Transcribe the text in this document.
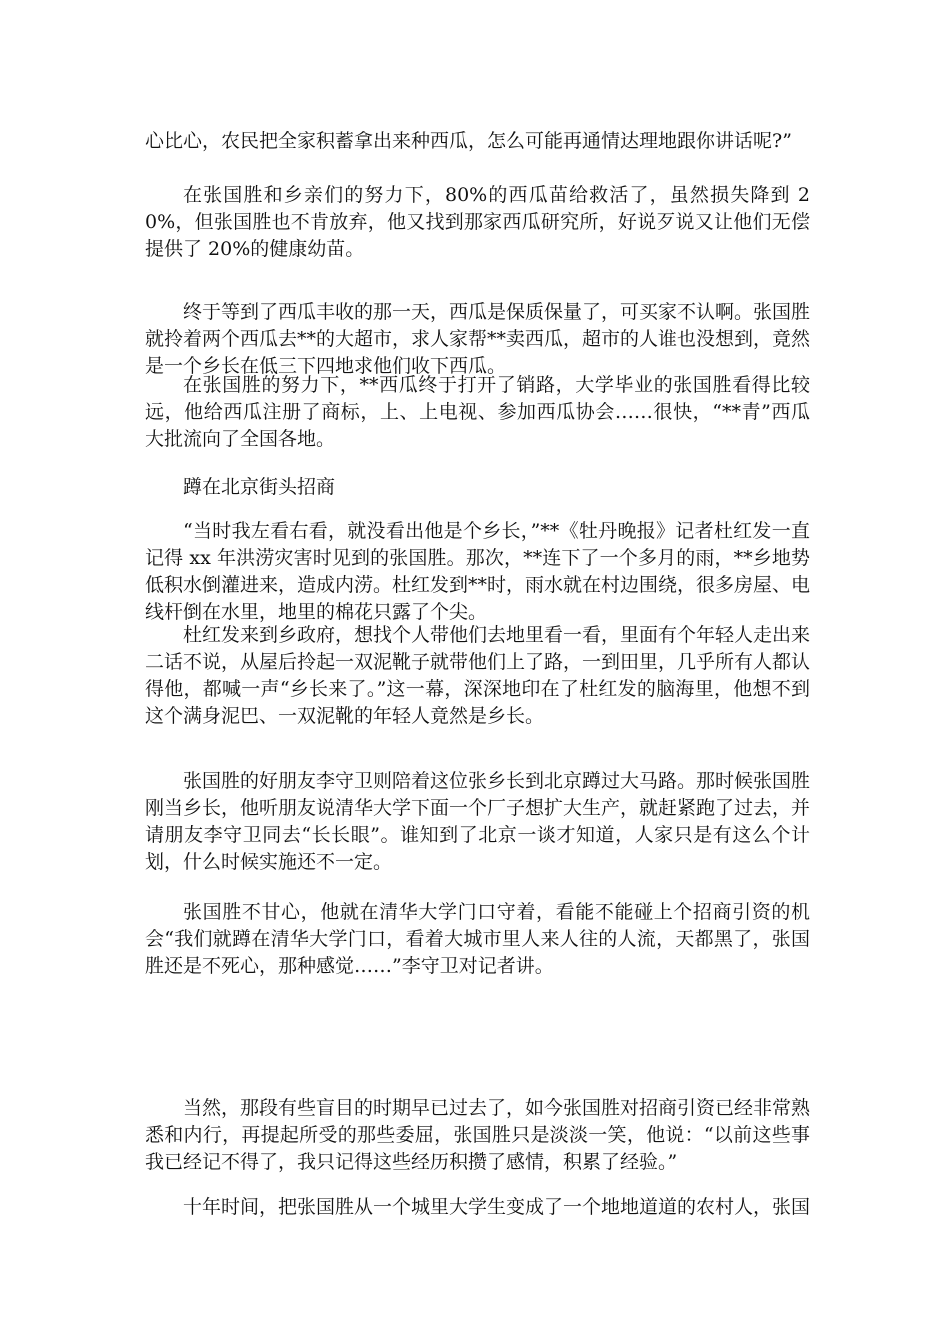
心比心，农民把全家积蓄拿出来种西瓜，怎么可能再通情达理地跟你讲话呢?”

在张国胜和乡亲们的努力下，80%的西瓜苗给救活了，虽然损失降到 20%，但张国胜也不肯放弃，他又找到那家西瓜研究所，好说歹说又让他们无偿提供了 20%的健康幼苗。

终于等到了西瓜丰收的那一天，西瓜是保质保量了，可买家不认啊。张国胜就拎着两个西瓜去**的大超市，求人家帮**卖西瓜，超市的人谁也没想到，竟然是一个乡长在低三下四地求他们收下西瓜。

在张国胜的努力下，**西瓜终于打开了销路，大学毕业的张国胜看得比较远，他给西瓜注册了商标，上、上电视、参加西瓜协会……很快，“**青”西瓜大批流向了全国各地。

蹲在北京街头招商

“当时我左看右看，就没看出他是个乡长，”**《牡丹晚报》记者杜红发一直记得 xx 年洪涝灾害时见到的张国胜。那次，**连下了一个多月的雨，**乡地势低积水倒灌进来，造成内涝。杜红发到**时，雨水就在村边围绕，很多房屋、电线杆倒在水里，地里的棉花只露了个尖。

杜红发来到乡政府，想找个人带他们去地里看一看，里面有个年轻人走出来二话不说，从屋后拎起一双泥靴子就带他们上了路，一到田里，几乎所有人都认得他，都喊一声“乡长来了。”这一幕，深深地印在了杜红发的脑海里，他想不到这个满身泥巴、一双泥靴的年轻人竟然是乡长。

张国胜的好朋友李守卫则陪着这位张乡长到北京蹲过大马路。那时候张国胜刚当乡长，他听朋友说清华大学下面一个厂子想扩大生产，就赶紧跑了过去，并请朋友李守卫同去“长长眼”。谁知到了北京一谈才知道，人家只是有这么个计划，什么时候实施还不一定。

张国胜不甘心，他就在清华大学门口守着，看能不能碰上个招商引资的机会“我们就蹲在清华大学门口，看着大城市里人来人往的人流，天都黑了，张国胜还是不死心，那种感觉……”李守卫对记者讲。

当然，那段有些盲目的时期早已过去了，如今张国胜对招商引资已经非常熟悉和内行，再提起所受的那些委屈，张国胜只是淡淡一笑，他说：“以前这些事我已经记不得了，我只记得这些经历积攒了感情，积累了经验。”

十年时间，把张国胜从一个城里大学生变成了一个地地道道的农村人，张国
